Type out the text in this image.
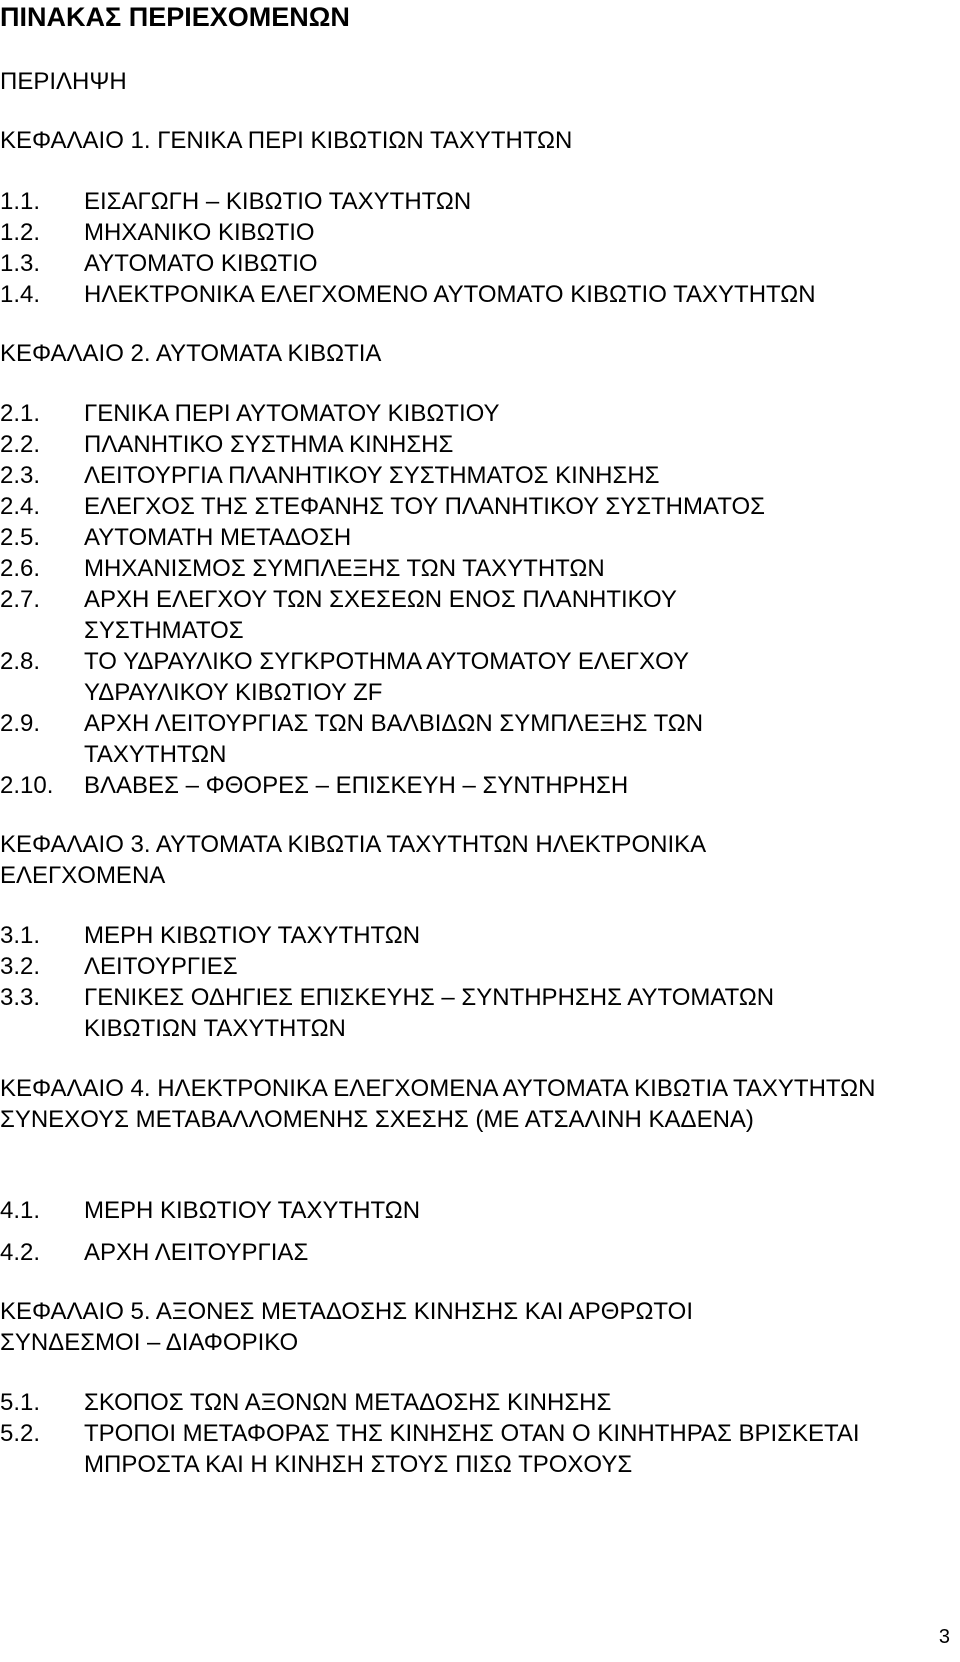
ΠΙΝΑΚΑΣ ΠΕΡΙΕΧΟΜΕΝΩΝ

ΠΕΡΙΛΗΨΗ

ΚΕΦΑΛΑΙΟ 1. ΓΕΝΙΚΑ ΠΕΡΙ ΚΙΒΩΤΙΩΝ ΤΑΧΥΤΗΤΩΝ

1.1. ΕΙΣΑΓΩΓΗ – ΚΙΒΩΤΙΟ ΤΑΧΥΤΗΤΩΝ
1.2. ΜΗΧΑΝΙΚΟ ΚΙΒΩΤΙΟ
1.3. ΑΥΤΟΜΑΤΟ ΚΙΒΩΤΙΟ
1.4. ΗΛΕΚΤΡΟΝΙΚΑ ΕΛΕΓΧΟΜΕΝΟ ΑΥΤΟΜΑΤΟ ΚΙΒΩΤΙΟ ΤΑΧΥΤΗΤΩΝ

ΚΕΦΑΛΑΙΟ 2. ΑΥΤΟΜΑΤΑ ΚΙΒΩΤΙΑ

2.1. ΓΕΝΙΚΑ ΠΕΡΙ ΑΥΤΟΜΑΤΟΥ ΚΙΒΩΤΙΟΥ
2.2. ΠΛΑΝΗΤΙΚΟ ΣΥΣΤΗΜΑ ΚΙΝΗΣΗΣ
2.3. ΛΕΙΤΟΥΡΓΙΑ ΠΛΑΝΗΤΙΚΟΥ ΣΥΣΤΗΜΑΤΟΣ ΚΙΝΗΣΗΣ
2.4. ΕΛΕΓΧΟΣ ΤΗΣ ΣΤΕΦΑΝΗΣ ΤΟΥ ΠΛΑΝΗΤΙΚΟΥ ΣΥΣΤΗΜΑΤΟΣ
2.5. ΑΥΤΟΜΑΤΗ ΜΕΤΑΔΟΣΗ
2.6. ΜΗΧΑΝΙΣΜΟΣ ΣΥΜΠΛΕΞΗΣ ΤΩΝ ΤΑΧΥΤΗΤΩΝ
2.7. ΑΡΧΗ ΕΛΕΓΧΟΥ ΤΩΝ ΣΧΕΣΕΩΝ ΕΝΟΣ ΠΛΑΝΗΤΙΚΟΥ ΣΥΣΤΗΜΑΤΟΣ
2.8. ΤΟ ΥΔΡΑΥΛΙΚΟ ΣΥΓΚΡΟΤΗΜΑ ΑΥΤΟΜΑΤΟΥ ΕΛΕΓΧΟΥ ΥΔΡΑΥΛΙΚΟΥ ΚΙΒΩΤΙΟΥ ZF
2.9. ΑΡΧΗ ΛΕΙΤΟΥΡΓΙΑΣ ΤΩΝ ΒΑΛΒΙΔΩΝ ΣΥΜΠΛΕΞΗΣ ΤΩΝ ΤΑΧΥΤΗΤΩΝ
2.10. ΒΛΑΒΕΣ – ΦΘΟΡΕΣ – ΕΠΙΣΚΕΥΗ – ΣΥΝΤΗΡΗΣΗ

ΚΕΦΑΛΑΙΟ 3. ΑΥΤΟΜΑΤΑ ΚΙΒΩΤΙΑ ΤΑΧΥΤΗΤΩΝ ΗΛΕΚΤΡΟΝΙΚΑ ΕΛΕΓΧΟΜΕΝΑ

3.1. ΜΕΡΗ ΚΙΒΩΤΙΟΥ ΤΑΧΥΤΗΤΩΝ
3.2. ΛΕΙΤΟΥΡΓΙΕΣ
3.3. ΓΕΝΙΚΕΣ ΟΔΗΓΙΕΣ ΕΠΙΣΚΕΥΗΣ – ΣΥΝΤΗΡΗΣΗΣ ΑΥΤΟΜΑΤΩΝ ΚΙΒΩΤΙΩΝ ΤΑΧΥΤΗΤΩΝ

ΚΕΦΑΛΑΙΟ 4. ΗΛΕΚΤΡΟΝΙΚΑ ΕΛΕΓΧΟΜΕΝΑ ΑΥΤΟΜΑΤΑ ΚΙΒΩΤΙΑ ΤΑΧΥΤΗΤΩΝ ΣΥΝΕΧΟΥΣ ΜΕΤΑΒΑΛΛΟΜΕΝΗΣ ΣΧΕΣΗΣ (ΜΕ ΑΤΣΑΛΙΝΗ ΚΑΔΕΝΑ)

4.1. ΜΕΡΗ ΚΙΒΩΤΙΟΥ ΤΑΧΥΤΗΤΩΝ
4.2. ΑΡΧΗ ΛΕΙΤΟΥΡΓΙΑΣ

ΚΕΦΑΛΑΙΟ 5. ΑΞΟΝΕΣ ΜΕΤΑΔΟΣΗΣ ΚΙΝΗΣΗΣ ΚΑΙ ΑΡΘΡΩΤΟΙ ΣΥΝΔΕΣΜΟΙ – ΔΙΑΦΟΡΙΚΟ

5.1. ΣΚΟΠΟΣ ΤΩΝ ΑΞΟΝΩΝ ΜΕΤΑΔΟΣΗΣ ΚΙΝΗΣΗΣ
5.2. ΤΡΟΠΟΙ ΜΕΤΑΦΟΡΑΣ ΤΗΣ ΚΙΝΗΣΗΣ ΟΤΑΝ Ο ΚΙΝΗΤΗΡΑΣ ΒΡΙΣΚΕΤΑΙ ΜΠΡΟΣΤΑ ΚΑΙ Η ΚΙΝΗΣΗ ΣΤΟΥΣ ΠΙΣΩ ΤΡΟΧΟΥΣ
3
